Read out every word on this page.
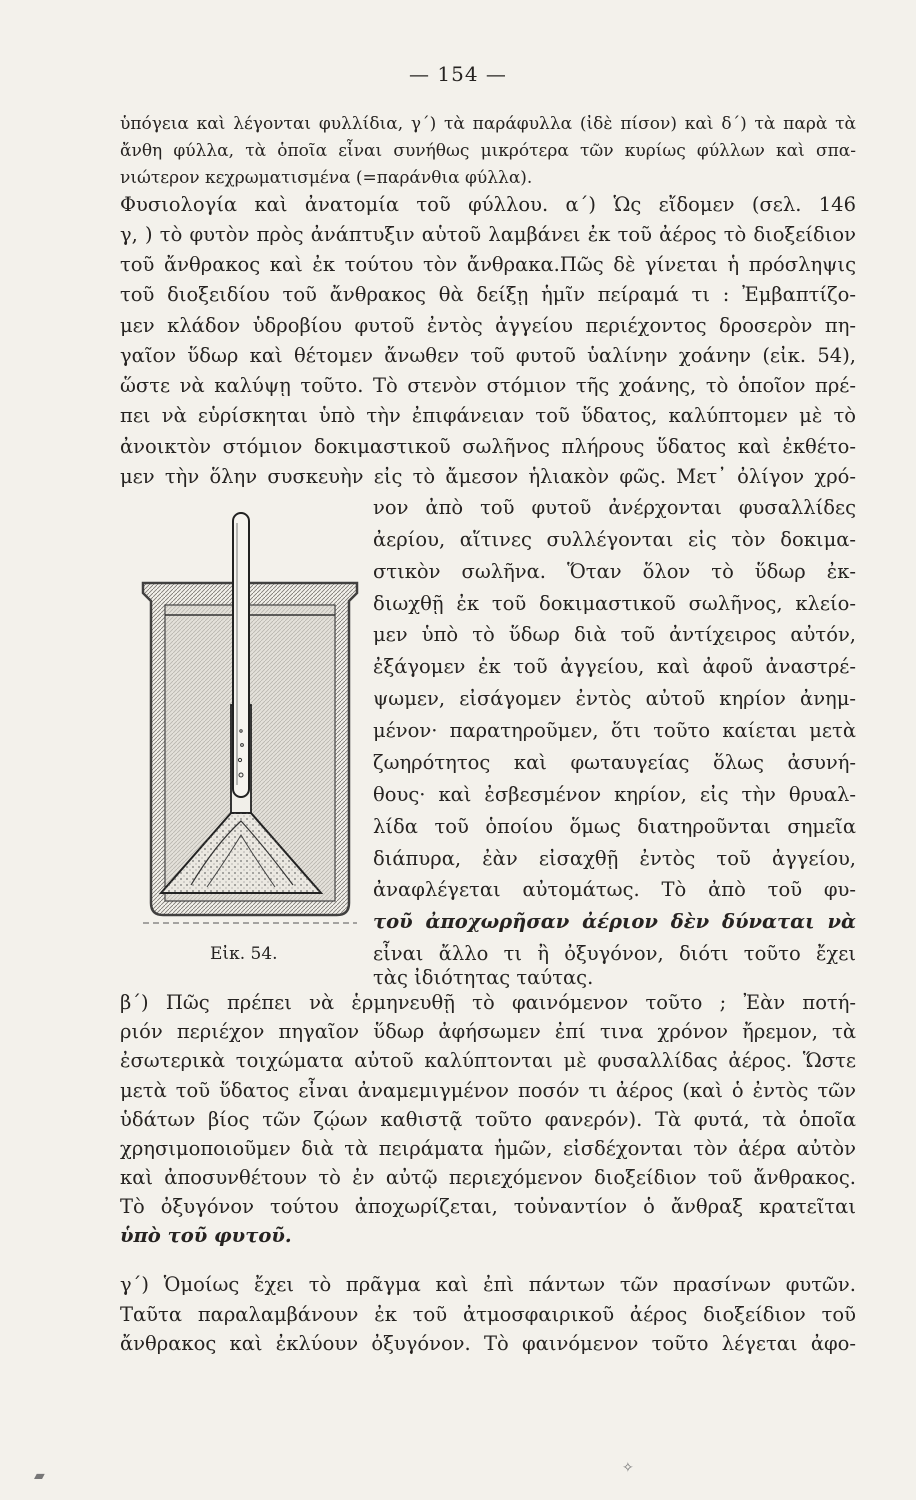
— 154 —
ὑπόγεια καὶ λέγονται φυλλίδια, γ΄) τὰ παράφυλλα (ἰδὲ πίσον) καὶ δ΄) τὰ παρὰ τὰ
ἄνθη φύλλα, τὰ ὁποῖα εἶναι συνήθως μικρότερα τῶν κυρίως φύλλων καὶ σπα-
νιώτερον κεχρωματισμένα (=παράνθια φύλλα).
Φυσιολογία καὶ ἀνατομία τοῦ φύλλου. α΄) Ὡς εἴδομεν (σελ. 146
γ, ) τὸ φυτὸν πρὸς ἀνάπτυξιν αὑτοῦ λαμβάνει ἐκ τοῦ ἀέρος τὸ διοξείδιον
τοῦ ἄνθρακος καὶ ἐκ τούτου τὸν ἄνθρακα.Πῶς δὲ γίνεται ἡ πρόσληψις
τοῦ διοξειδίου τοῦ ἄνθρακος θὰ δείξῃ ἡμῖν πείραμά τι : Ἐμβαπτίζο-
μεν κλάδον ὑδροβίου φυτοῦ ἐντὸς ἀγγείου περιέχοντος δροσερὸν πη-
γαῖον ὕδωρ καὶ θέτομεν ἄνωθεν τοῦ φυτοῦ ὑαλίνην χοάνην (εἰκ. 54),
ὥστε νὰ καλύψῃ τοῦτο. Τὸ στενὸν στόμιον τῆς χοάνης, τὸ ὁποῖον πρέ-
πει νὰ εὑρίσκηται ὑπὸ τὴν ἐπιφάνειαν τοῦ ὕδατος, καλύπτομεν μὲ τὸ
ἀνοικτὸν στόμιον δοκιμαστικοῦ σωλῆνος πλήρους ὕδατος καὶ ἐκθέτο-
μεν τὴν ὅλην συσκευὴν εἰς τὸ ἄμεσον ἡλιακὸν φῶς. Μετ᾽ ὀλίγον χρό-
νον ἀπὸ τοῦ φυτοῦ ἀνέρχονται φυσαλλίδες
ἀερίου, αἵτινες συλλέγονται εἰς τὸν δοκιμα-
στικὸν σωλῆνα. Ὅταν ὅλον τὸ ὕδωρ ἐκ-
διωχθῇ ἐκ τοῦ δοκιμαστικοῦ σωλῆνος, κλείο-
μεν ὑπὸ τὸ ὕδωρ διὰ τοῦ ἀντίχειρος αὐτόν,
ἐξάγομεν ἐκ τοῦ ἀγγείου, καὶ ἀφοῦ ἀναστρέ-
ψωμεν, εἰσάγομεν ἐντὸς αὐτοῦ κηρίον ἀνημ-
μένον· παρατηροῦμεν, ὅτι τοῦτο καίεται μετὰ
ζωηρότητος καὶ φωταυγείας ὅλως ἀσυνή-
θους· καὶ ἐσβεσμένον κηρίον, εἰς τὴν θρυαλ-
λίδα τοῦ ὁποίου ὅμως διατηροῦνται σημεῖα
διάπυρα, ἐὰν εἰσαχθῇ ἐντὸς τοῦ ἀγγείου,
ἀναφλέγεται αὐτομάτως. Τὸ ἀπὸ τοῦ φυ-
τοῦ ἀποχωρῆσαν ἀέριον δὲν δύναται νὰ
εἶναι ἄλλο τι ἢ ὀξυγόνον, διότι τοῦτο ἔχει
τὰς ἰδιότητας ταύτας.
Εἰκ. 54.
β΄) Πῶς πρέπει νὰ ἑρμηνευθῇ τὸ φαινόμενον τοῦτο ; Ἐὰν ποτή-
ριόν περιέχον πηγαῖον ὕδωρ ἀφήσωμεν ἐπί τινα χρόνον ἤρεμον, τὰ
ἐσωτερικὰ τοιχώματα αὐτοῦ καλύπτονται μὲ φυσαλλίδας ἀέρος. Ὥστε
μετὰ τοῦ ὕδατος εἶναι ἀναμεμιγμένον ποσόν τι ἀέρος (καὶ ὁ ἐντὸς τῶν
ὑδάτων βίος τῶν ζῴων καθιστᾷ τοῦτο φανερόν). Τὰ φυτά, τὰ ὁποῖα
χρησιμοποιοῦμεν διὰ τὰ πειράματα ἡμῶν, εἰσδέχονται τὸν ἀέρα αὐτὸν
καὶ ἀποσυνθέτουν τὸ ἐν αὐτῷ περιεχόμενον διοξείδιον τοῦ ἄνθρακος.
Τὸ ὀξυγόνον τούτου ἀποχωρίζεται, τοὐναντίον ὁ ἄνθραξ κρατεῖται
ὑπὸ τοῦ φυτοῦ.
γ΄) Ὁμοίως ἔχει τὸ πρᾶγμα καὶ ἐπὶ πάντων τῶν πρασίνων φυτῶν.
Ταῦτα παραλαμβάνουν ἐκ τοῦ ἀτμοσφαιρικοῦ ἀέρος διοξείδιον τοῦ
ἄνθρακος καὶ ἐκλύουν ὀξυγόνον. Τὸ φαινόμενον τοῦτο λέγεται ἀφο-
▰	✧
